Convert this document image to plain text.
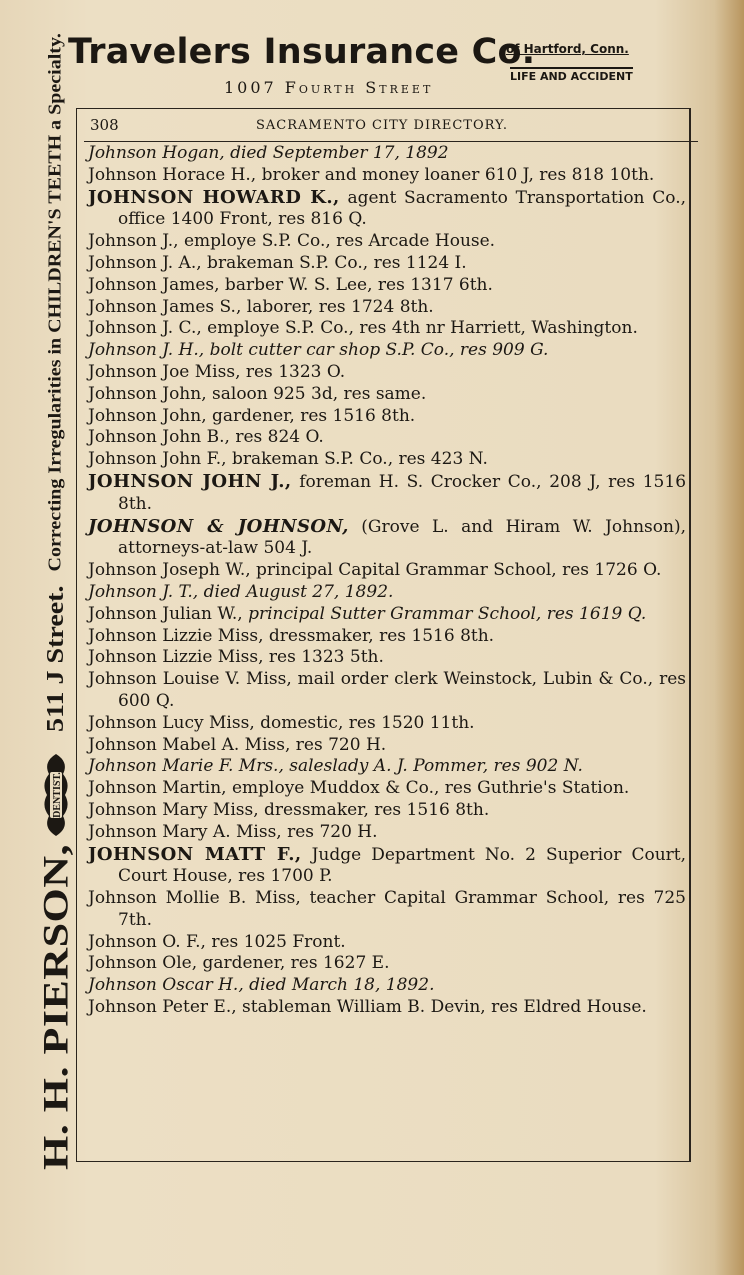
H. H. PIERSON,
DENTIST.
511 J Street.
Correcting Irregularities in CHILDREN'S TEETH a Specialty. Travelers Insurance Co.
of Hartford, Conn.
LIFE AND ACCIDENT
1007 Fourth Street
308	SACRAMENTO CITY DIRECTORY.

Johnson Hogan, died September 17, 1892

Johnson Horace H., broker and money loaner 610 J, res 818 10th.

JOHNSON HOWARD K., agent Sacramento Transportation Co., office 1400 Front, res 816 Q.

Johnson J., employe S.P. Co., res Arcade House.

Johnson J. A., brakeman S.P. Co., res 1124 I.

Johnson James, barber W. S. Lee, res 1317 6th.

Johnson James S., laborer, res 1724 8th.

Johnson J. C., employe S.P. Co., res 4th nr Harriett, Washington.

Johnson J. H., bolt cutter car shop S.P. Co., res 909 G.

Johnson Joe Miss, res 1323 O.

Johnson John, saloon 925 3d, res same.

Johnson John, gardener, res 1516 8th.

Johnson John B., res 824 O.

Johnson John F., brakeman S.P. Co., res 423 N.

JOHNSON JOHN J., foreman H. S. Crocker Co., 208 J, res 1516 8th.

JOHNSON & JOHNSON, (Grove L. and Hiram W. Johnson), attorneys-at-law 504 J.

Johnson Joseph W., principal Capital Grammar School, res 1726 O.

Johnson J. T., died August 27, 1892.

Johnson Julian W., principal Sutter Grammar School, res 1619 Q.

Johnson Lizzie Miss, dressmaker, res 1516 8th.

Johnson Lizzie Miss, res 1323 5th.

Johnson Louise V. Miss, mail order clerk Weinstock, Lubin & Co., res 600 Q.

Johnson Lucy Miss, domestic, res 1520 11th.

Johnson Mabel A. Miss, res 720 H.

Johnson Marie F. Mrs., saleslady A. J. Pommer, res 902 N.

Johnson Martin, employe Muddox & Co., res Guthrie's Station.

Johnson Mary Miss, dressmaker, res 1516 8th.

Johnson Mary A. Miss, res 720 H.

JOHNSON MATT F., Judge Department No. 2 Superior Court, Court House, res 1700 P.

Johnson Mollie B. Miss, teacher Capital Grammar School, res 725 7th.

Johnson O. F., res 1025 Front.

Johnson Ole, gardener, res 1627 E.

Johnson Oscar H., died March 18, 1892.

Johnson Peter E., stableman William B. Devin, res Eldred House.
